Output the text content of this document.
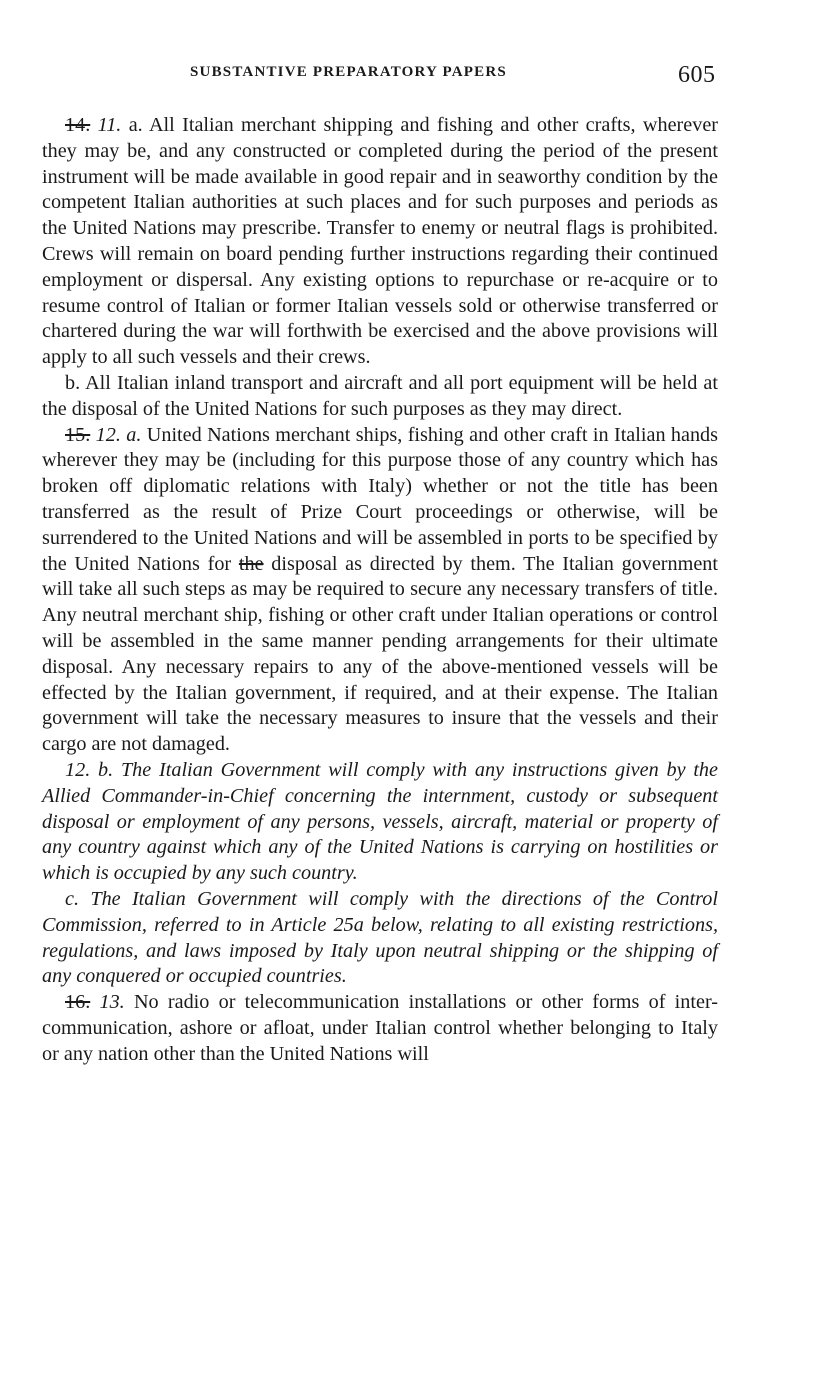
SUBSTANTIVE PREPARATORY PAPERS	605

14. 11. a. All Italian merchant shipping and fishing and other crafts, wherever they may be, and any constructed or completed during the period of the present instrument will be made available in good repair and in seaworthy condition by the competent Italian authorities at such places and for such purposes and periods as the United Nations may prescribe. Transfer to enemy or neutral flags is prohibited. Crews will remain on board pending further instructions regarding their continued employment or dispersal. Any existing options to repurchase or re-acquire or to resume control of Italian or former Italian vessels sold or otherwise transferred or chartered during the war will forthwith be exercised and the above provisions will apply to all such vessels and their crews.

b. All Italian inland transport and aircraft and all port equipment will be held at the disposal of the United Nations for such purposes as they may direct.

15. 12. a. United Nations merchant ships, fishing and other craft in Italian hands wherever they may be (including for this purpose those of any country which has broken off diplomatic relations with Italy) whether or not the title has been transferred as the result of Prize Court proceedings or otherwise, will be surrendered to the United Nations and will be assembled in ports to be specified by the United Nations for the disposal as directed by them. The Italian government will take all such steps as may be required to secure any necessary transfers of title. Any neutral merchant ship, fishing or other craft under Italian operations or control will be assembled in the same manner pending arrangements for their ultimate disposal. Any necessary repairs to any of the above-mentioned vessels will be effected by the Italian government, if required, and at their expense. The Italian government will take the necessary measures to insure that the vessels and their cargo are not damaged.

12. b. The Italian Government will comply with any instructions given by the Allied Commander-in-Chief concerning the internment, custody or subsequent disposal or employment of any persons, vessels, aircraft, material or property of any country against which any of the United Nations is carrying on hostilities or which is occupied by any such country.

c. The Italian Government will comply with the directions of the Control Commission, referred to in Article 25a below, relating to all existing restrictions, regulations, and laws imposed by Italy upon neutral shipping or the shipping of any conquered or occupied countries.

16. 13. No radio or telecommunication installations or other forms of inter-communication, ashore or afloat, under Italian control whether belonging to Italy or any nation other than the United Nations will
